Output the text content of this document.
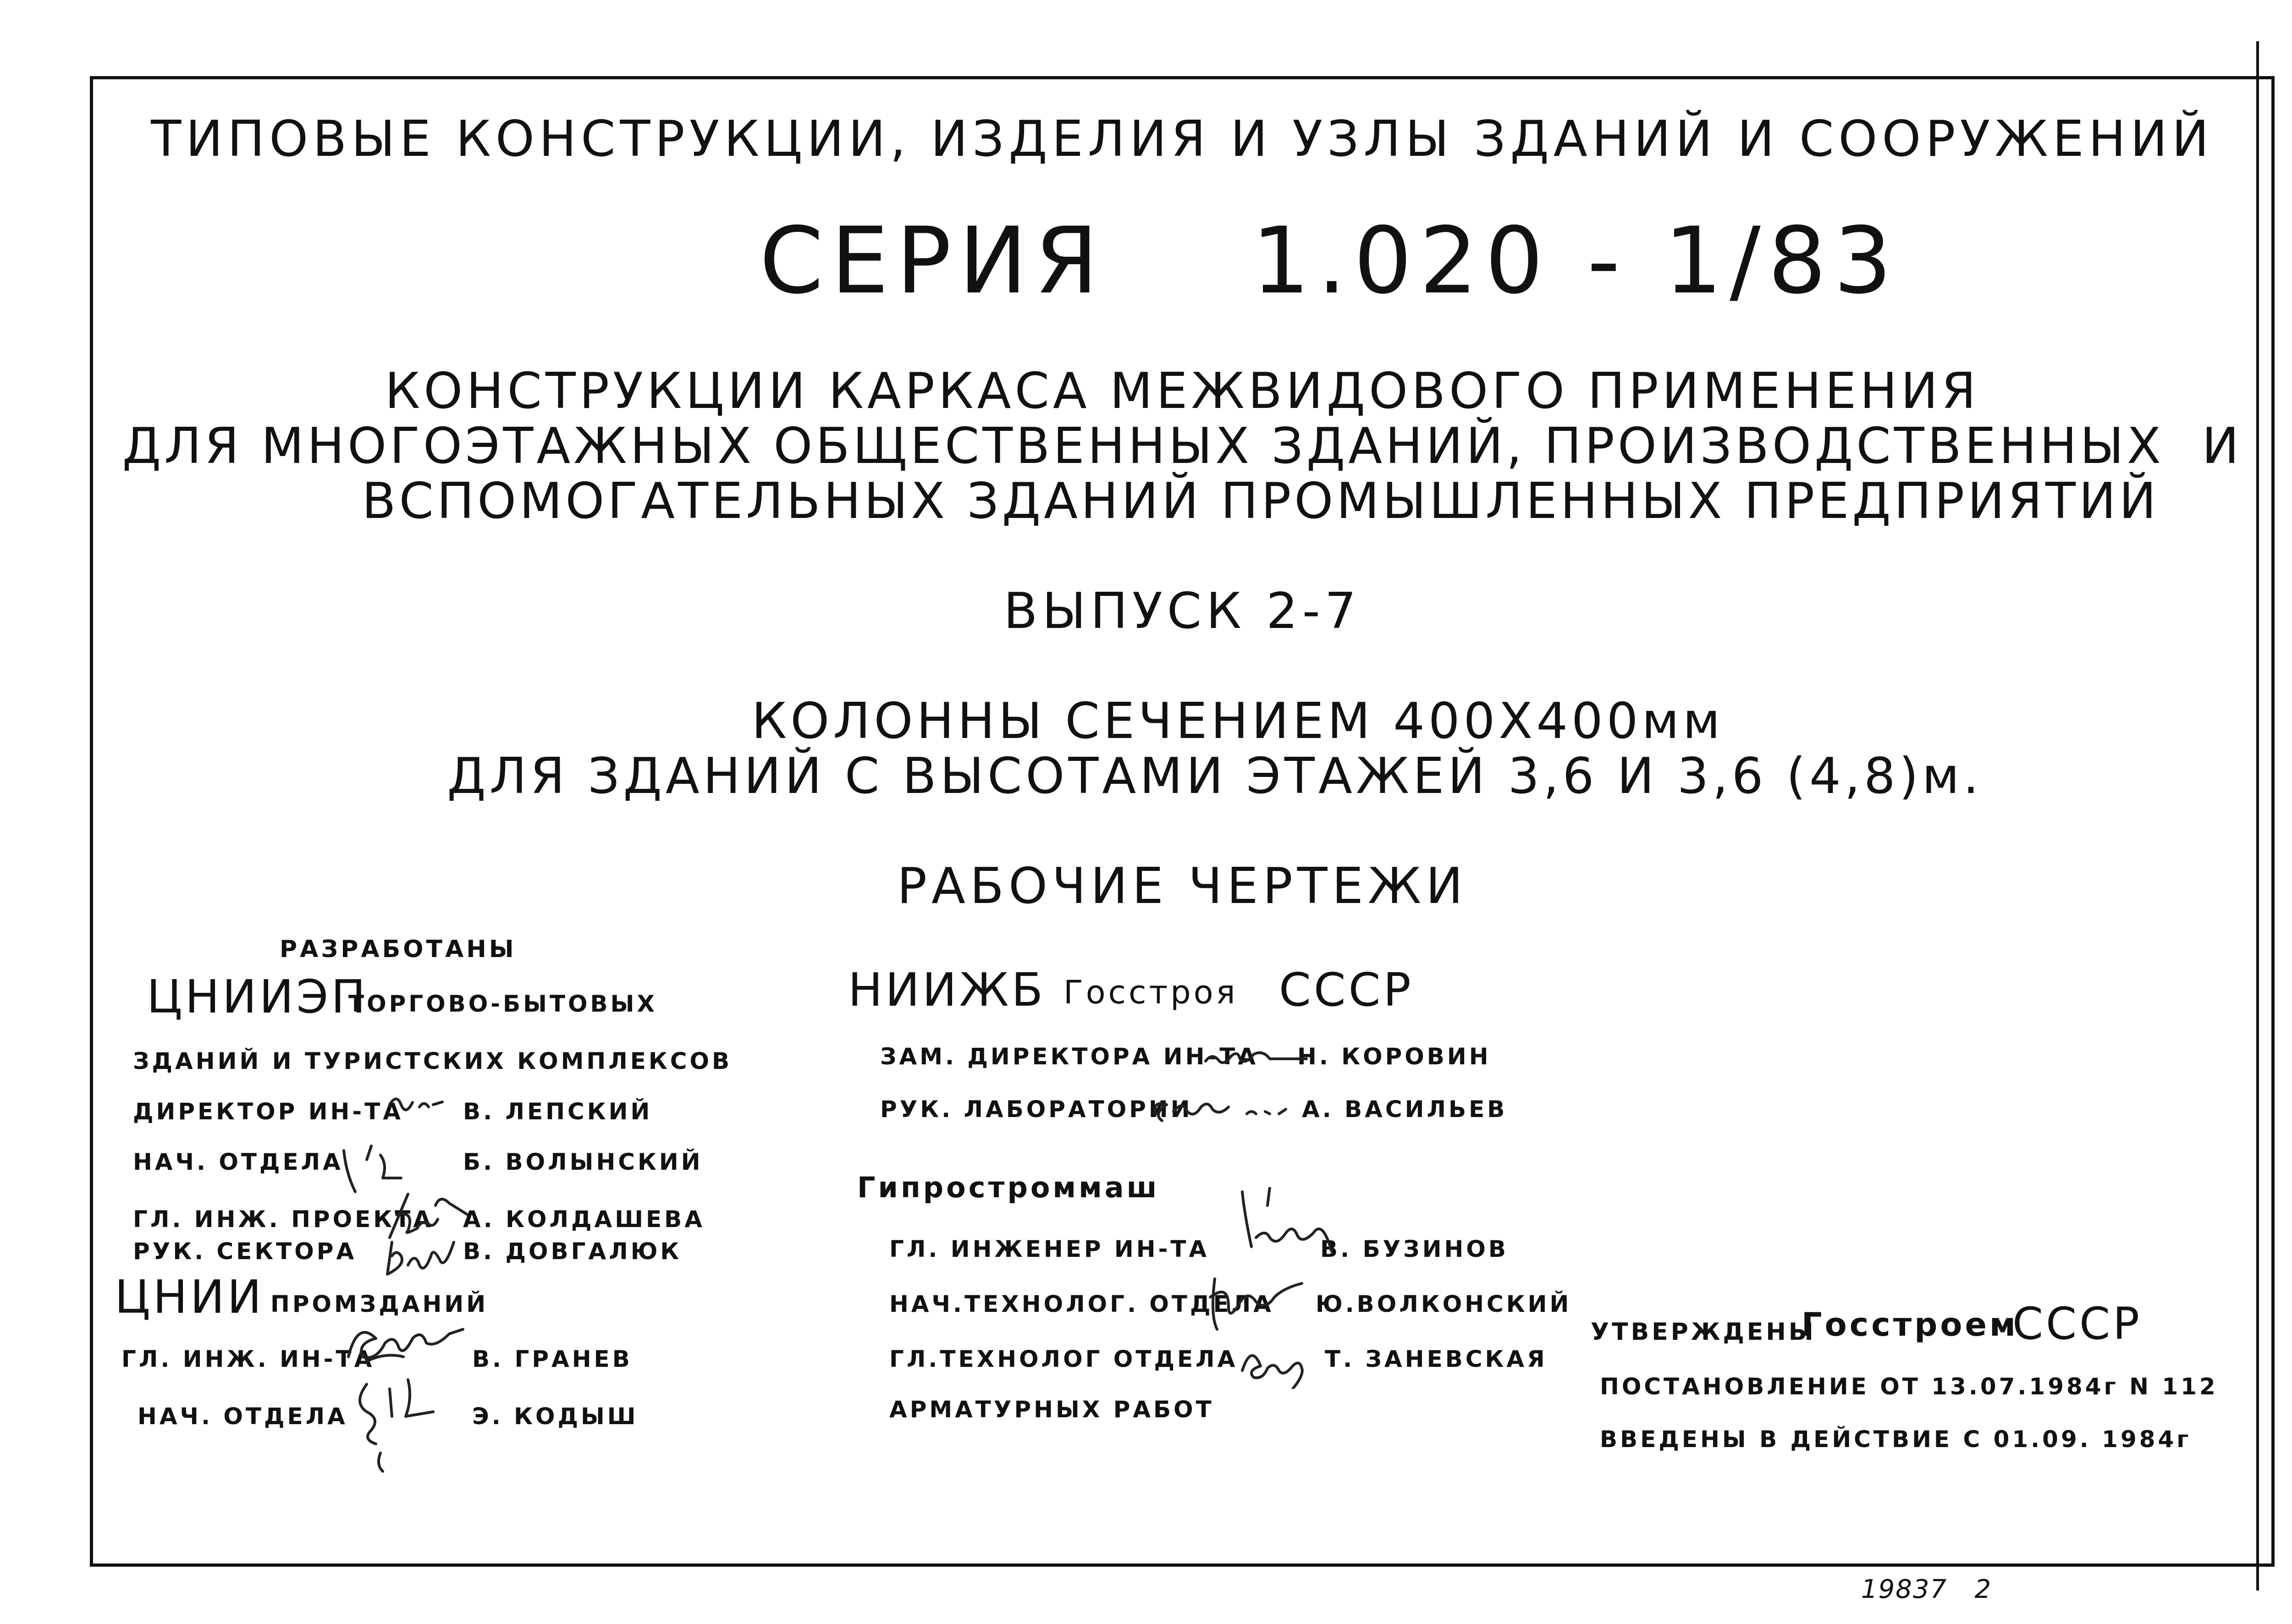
ТИПОВЫЕ КОНСТРУКЦИИ, ИЗДЕЛИЯ И УЗЛЫ ЗДАНИЙ И СООРУЖЕНИЙ
СЕРИЯ    1.020 - 1/83
КОНСТРУКЦИИ КАРКАСА МЕЖВИДОВОГО ПРИМЕНЕНИЯ
ДЛЯ МНОГОЭТАЖНЫХ ОБЩЕСТВЕННЫХ ЗДАНИЙ, ПРОИЗВОДСТВЕННЫХ  И
ВСПОМОГАТЕЛЬНЫХ ЗДАНИЙ ПРОМЫШЛЕННЫХ ПРЕДПРИЯТИЙ
ВЫПУСК 2-7
КОЛОННЫ СЕЧЕНИЕМ 400Х400мм
ДЛЯ ЗДАНИЙ С ВЫСОТАМИ ЭТАЖЕЙ 3,6 И 3,6 (4,8)м.
РАБОЧИЕ ЧЕРТЕЖИ
РАЗРАБОТАНЫ
ЦНИИЭП
ТОРГОВО-БЫТОВЫХ
ЗДАНИЙ И ТУРИСТСКИХ КОМПЛЕКСОВ
ДИРЕКТОР ИН-ТА	В. ЛЕПСКИЙ
НАЧ. ОТДЕЛА	Б. ВОЛЫНСКИЙ
ГЛ. ИНЖ. ПРОЕКТА А. КОЛДАШЕВА
РУК. СЕКТОРА	В. ДОВГАЛЮК
ЦНИИ ПРОМЗДАНИЙ
ГЛ. ИНЖ. ИН-ТА	В. ГРАНЕВ
НАЧ. ОТДЕЛА	Э. КОДЫШ
НИИЖБ Госстроя СССР
ЗАМ. ДИРЕКТОРА ИН-ТА Н. КОРОВИН
РУК. ЛАБОРАТОРИИ	А. ВАСИЛЬЕВ
Гипростроммаш
ГЛ. ИНЖЕНЕР ИН-ТА	В. БУЗИНОВ
НАЧ.ТЕХНОЛОГ. ОТДЕЛА Ю.ВОЛКОНСКИЙ
ГЛ.ТЕХНОЛОГ ОТДЕЛА	Т. ЗАНЕВСКАЯ
АРМАТУРНЫХ РАБОТ
УТВЕРЖДЕНЫ
Госстроем
СССР
ПОСТАНОВЛЕНИЕ ОТ 13.07.1984г N 112
ВВЕДЕНЫ В ДЕЙСТВИЕ С 01.09. 1984г
19837   2
